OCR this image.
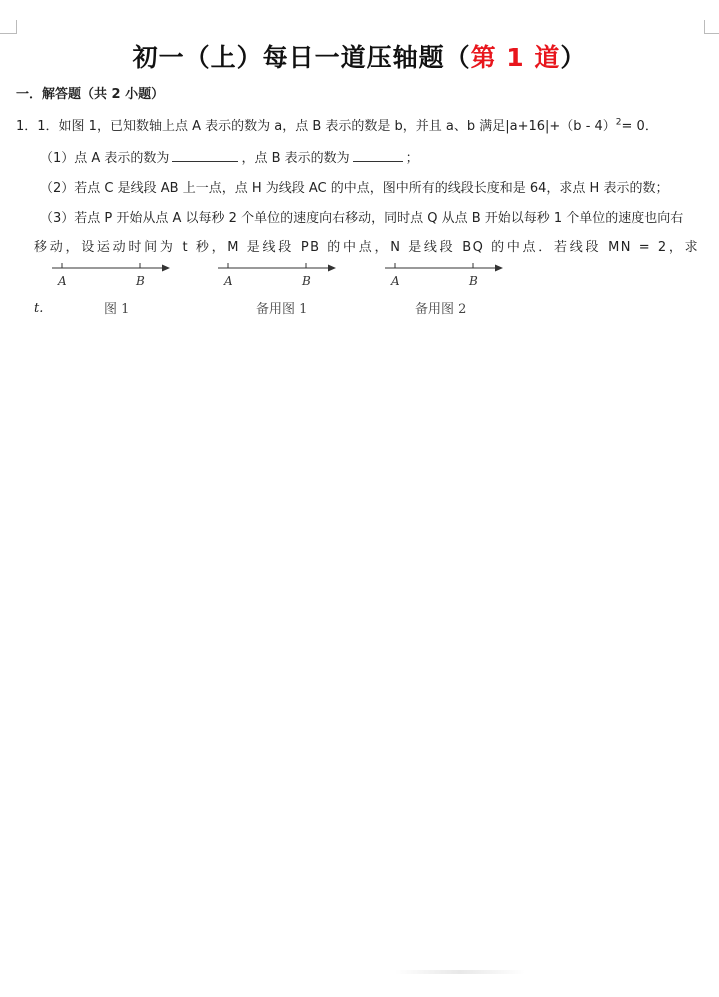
初一（上）每日一道压轴题（第 1 道）
一．解答题（共 2 小题）
1．1．如图 1，已知数轴上点 A 表示的数为 a，点 B 表示的数是 b，并且 a、b 满足|a+16|+（b - 4）$^2$= 0．
（1）点 A 表示的数为	，点 B 表示的数为	；
（2）若点 C 是线段 AB 上一点，点 H 为线段 AC 的中点，图中所有的线段长度和是 64，求点 H 表示的数；
（3）若点 P 开始从点 A 以每秒 2 个单位的速度向右移动，同时点 Q 从点 B 开始以每秒 1 个单位的速度也向右
移动，设运动时间为 t 秒，M 是线段 PB 的中点，N 是线段 BQ 的中点．若线段 MN = 2，求
A	B
图 1
A	B
备用图 1
A	B
备用图 2
t.
